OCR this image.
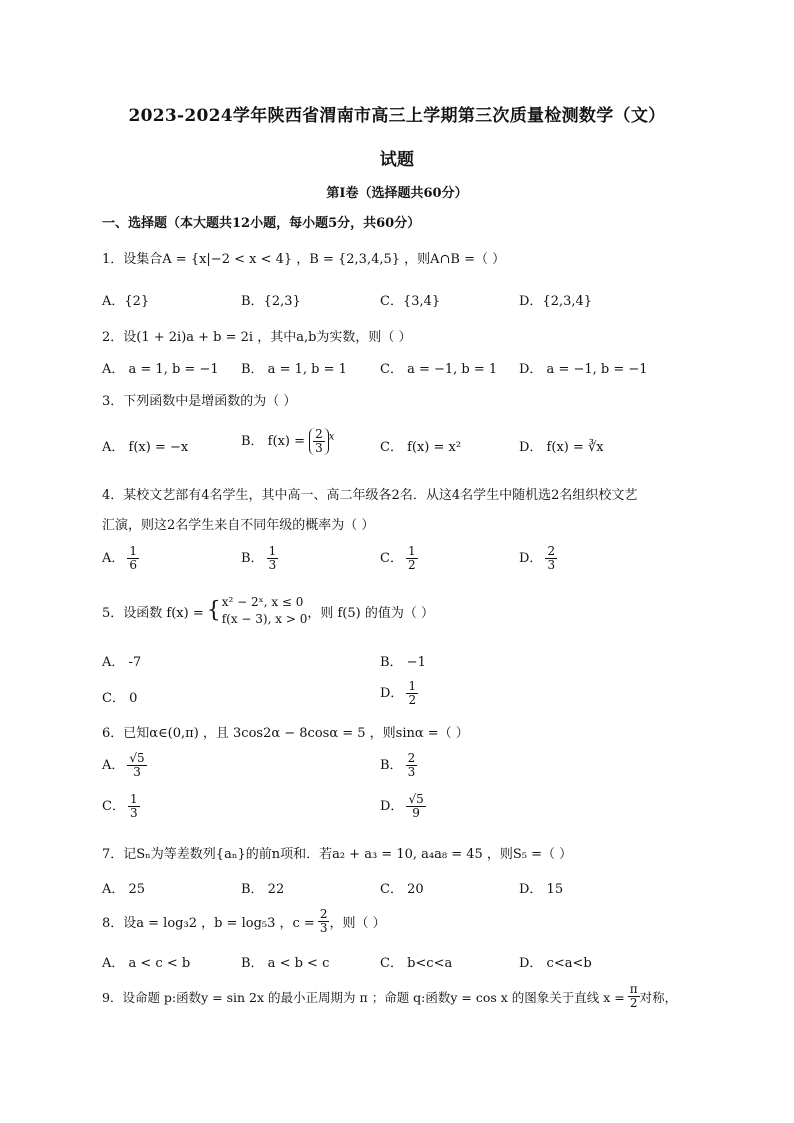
2023-2024学年陕西省渭南市高三上学期第三次质量检测数学（文）
试题
第I卷（选择题共60分）
一、选择题（本大题共12小题，每小题5分，共60分）
1．设集合A = {x|−2 < x < 4} ，B = {2,3,4,5} ，则A∩B =（ ）
A．{2}	B．{2,3}	C．{3,4}	D．{2,3,4}
2．设(1 + 2i)a + b = 2i ，其中a,b为实数，则（ ）
A． a = 1, b = −1 B． a = 1, b = 1	C． a = −1, b = 1 D． a = −1, b = −1
3．下列函数中是增函数的为（ ）
A． f(x) = −x	B． $f(x) = \frac{2}{3} ^x$
C． f(x) = x²	D． f(x) = ∛x
4．某校文艺部有4名学生，其中高一、高二年级各2名．从这4名学生中随机选2名组织校文艺
汇演，则这2名学生来自不同年级的概率为（ ）
A． $\frac{1}{6}$	B． $\frac{1}{3}$	C． $\frac{1}{2}$	D． $\frac{2}{3}$
5．设函数 f(x) = { x² − 2ˣ, x ≤ 0
f(x − 3), x > 0 ，则 f(5) 的值为（ ）
A． -7	B． −1
C． 0	D． $\frac{1}{2}$
6．已知α∈(0,π) ，且 3cos2α − 8cosα = 5 ，则sinα =（ ）
A． $\frac{√5}{3}$	B． $\frac{2}{3}$
C． $\frac{1}{3}$	D． $\frac{√5}{9}$
7．记Sₙ为等差数列{aₙ}的前n项和．若a₂ + a₃ = 10, a₄a₈ = 45 ，则S₅ =（ ）
A． 25	B． 22	C． 20	D． 15
8．设a = log₃2 ，b = log₅3 ，$c = \frac{2}{3}$ ，则（ ）
A． a < c < b	B． a < b < c	C． b<c<a	D． c<a<b
9．设命题 p:函数y = sin 2x 的最小正周期为 π ；命题 q:函数y = cos x 的图象关于直线 $x = \frac{\pi}{2}$ 对称，
